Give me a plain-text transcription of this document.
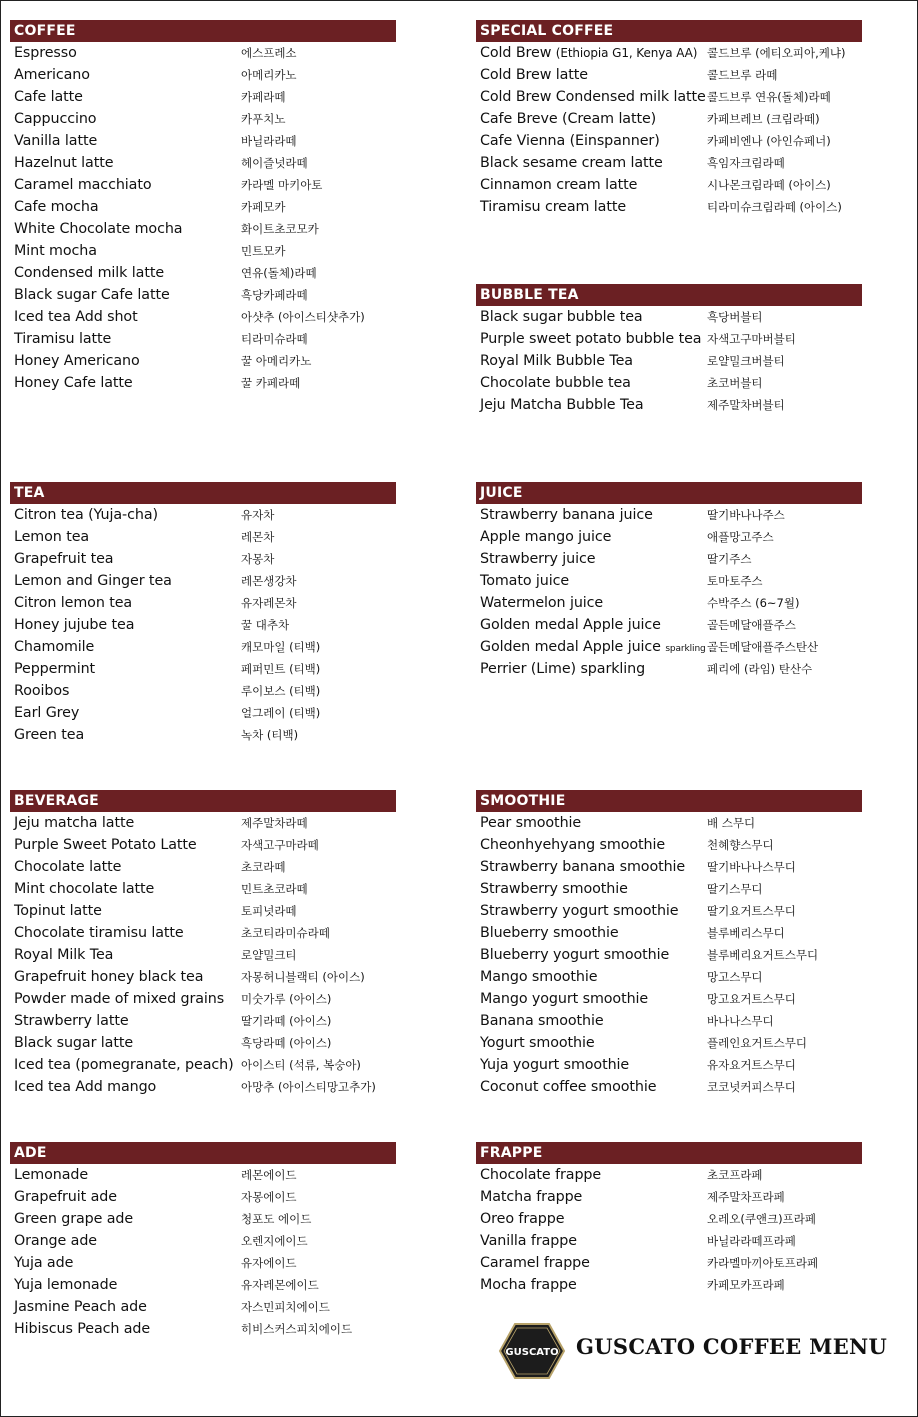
COFFEE
Espresso	에스프레소
Americano	아메리카노
Cafe latte	카페라떼
Cappuccino	카푸치노
Vanilla latte	바닐라라떼
Hazelnut latte	헤이즐넛라떼
Caramel macchiato	카라멜 마키아토
Cafe mocha	카페모카
White Chocolate mocha	화이트초코모카
Mint mocha	민트모카
Condensed milk latte	연유(돌체)라떼
Black sugar Cafe latte	흑당카페라떼
Iced tea Add shot	아샷추 (아이스티샷추가)
Tiramisu latte	티라미슈라떼
Honey Americano	꿀 아메리카노
Honey Cafe latte	꿀 카페라떼
TEA
Citron tea (Yuja-cha)	유자차
Lemon tea	레몬차
Grapefruit tea	자몽차
Lemon and Ginger tea	레몬생강차
Citron lemon tea	유자레몬차
Honey jujube tea	꿀 대추차
Chamomile	캐모마일 (티백)
Peppermint	페퍼민트 (티백)
Rooibos	루이보스 (티백)
Earl Grey	얼그레이 (티백)
Green tea	녹차 (티백)
BEVERAGE
Jeju matcha latte	제주말차라떼
Purple Sweet Potato Latte	자색고구마라떼
Chocolate latte	초코라떼
Mint chocolate latte	민트초코라떼
Topinut latte	토피넛라떼
Chocolate tiramisu latte	초코티라미슈라떼
Royal Milk Tea	로얄밀크티
Grapefruit honey black tea	자몽허니블랙티 (아이스)
Powder made of mixed grains 미숫가루 (아이스)
Strawberry latte	딸기라떼 (아이스)
Black sugar latte	흑당라떼 (아이스)
Iced tea (pomegranate, peach) 아이스티 (석류, 복숭아)
Iced tea Add mango	아망추 (아이스티망고추가)
ADE
Lemonade	레몬에이드
Grapefruit ade	자몽에이드
Green grape ade	청포도 에이드
Orange ade	오렌지에이드
Yuja ade	유자에이드
Yuja lemonade	유자레몬에이드
Jasmine Peach ade	자스민피치에이드
Hibiscus Peach ade	히비스커스피치에이드
SPECIAL COFFEE
Cold Brew (Ethiopia G1, Kenya AA) 콜드브루 (에티오피아,케냐)
Cold Brew latte	콜드브루 라떼
Cold Brew Condensed milk latte 콜드브루 연유(돌체)라떼
Cafe Breve (Cream latte)	카페브레브 (크림라떼)
Cafe Vienna (Einspanner)	카페비엔나 (아인슈페너)
Black sesame cream latte	흑임자크림라떼
Cinnamon cream latte	시나몬크림라떼 (아이스)
Tiramisu cream latte	티라미슈크림라떼 (아이스)
BUBBLE TEA
Black sugar bubble tea	흑당버블티
Purple sweet potato bubble tea 자색고구마버블티
Royal Milk Bubble Tea	로얄밀크버블티
Chocolate bubble tea	초코버블티
Jeju Matcha Bubble Tea	제주말차버블티
JUICE
Strawberry banana juice	딸기바나나주스
Apple mango juice	애플망고주스
Strawberry juice	딸기주스
Tomato juice	토마토주스
Watermelon juice	수박주스 (6~7월)
Golden medal Apple juice	골든메달애플주스
Golden medal Apple juice sparkling 골든메달애플주스탄산
Perrier (Lime) sparkling	페리에 (라임) 탄산수
SMOOTHIE
Pear smoothie	배 스무디
Cheonhyehyang smoothie	천혜향스무디
Strawberry banana smoothie 딸기바나나스무디
Strawberry smoothie	딸기스무디
Strawberry yogurt smoothie 딸기요거트스무디
Blueberry smoothie	블루베리스무디
Blueberry yogurt smoothie	블루베리요거트스무디
Mango smoothie	망고스무디
Mango yogurt smoothie	망고요거트스무디
Banana smoothie	바나나스무디
Yogurt smoothie	플레인요거트스무디
Yuja yogurt smoothie	유자요거트스무디
Coconut coffee smoothie	코코넛커피스무디
FRAPPE
Chocolate frappe	초코프라페
Matcha frappe	제주말차프라페
Oreo frappe	오레오(쿠앤크)프라페
Vanilla frappe	바닐라라떼프라페
Caramel frappe	카라멜마끼아토프라페
Mocha frappe	카페모카프라페
GUSCATO GUSCATO COFFEE MENU
